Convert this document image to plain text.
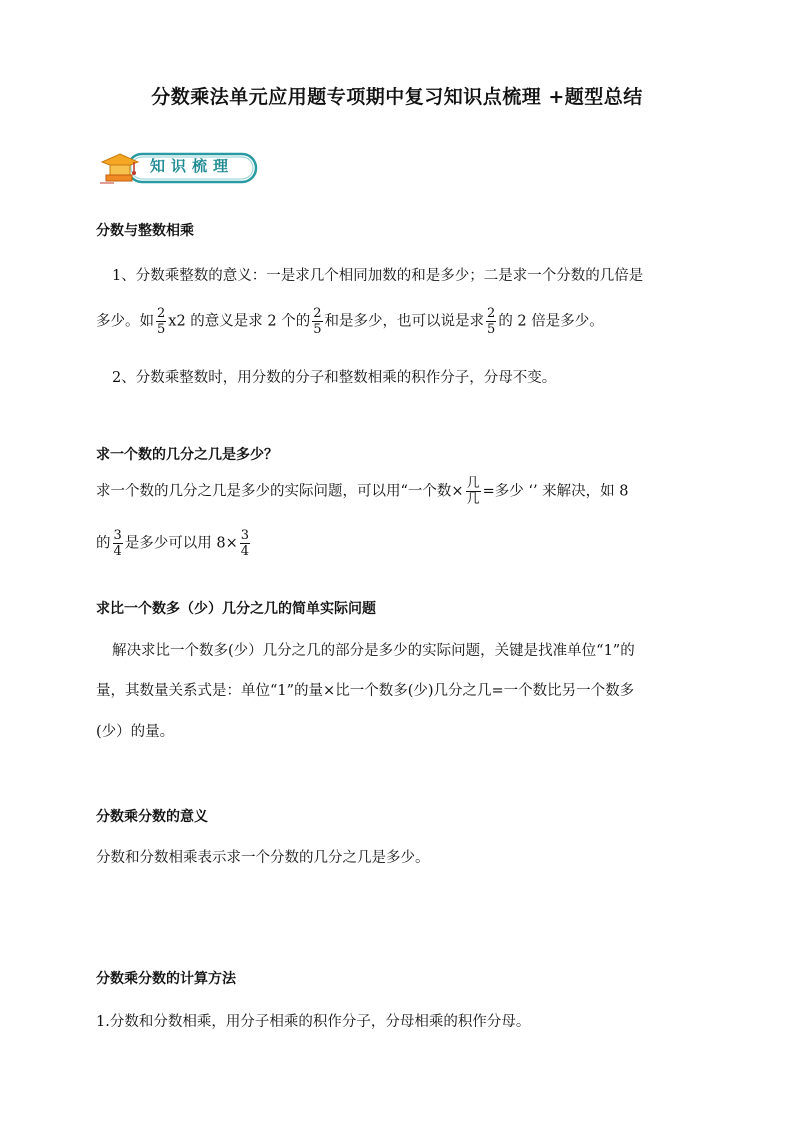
分数乘法单元应用题专项期中复习知识点梳理 +题型总结
知识梳理
分数与整数相乘
1、分数乘整数的意义：一是求几个相同加数的和是多少；二是求一个分数的几倍是
多少。如 $\frac{2}{5} x2$ 的意义是求 2 个的 $\frac{2}{5}$ 和是多少，也可以说是求 $\frac{2}{5}$ 的 2 倍是多少。
2、分数乘整数时，用分数的分子和整数相乘的积作分子，分母不变。
求一个数的几分之几是多少？
求一个数的几分之几是多少的实际问题，可以用“一个数× $\frac{\text{几}}{\text{几}}$ =多少 ‘’ 来解决，如 8
的 $\frac{3}{4}$ 是多少可以用 $8\times \frac{3}{4}$
求比一个数多（少）几分之几的简单实际问题
解决求比一个数多(少）几分之几的部分是多少的实际问题，关键是找准单位“1”的
量，其数量关系式是：单位“1”的量×比一个数多(少)几分之几=一个数比另一个数多
(少）的量。
分数乘分数的意义
分数和分数相乘表示求一个分数的几分之几是多少。
分数乘分数的计算方法
1.分数和分数相乘，用分子相乘的积作分子，分母相乘的积作分母。
